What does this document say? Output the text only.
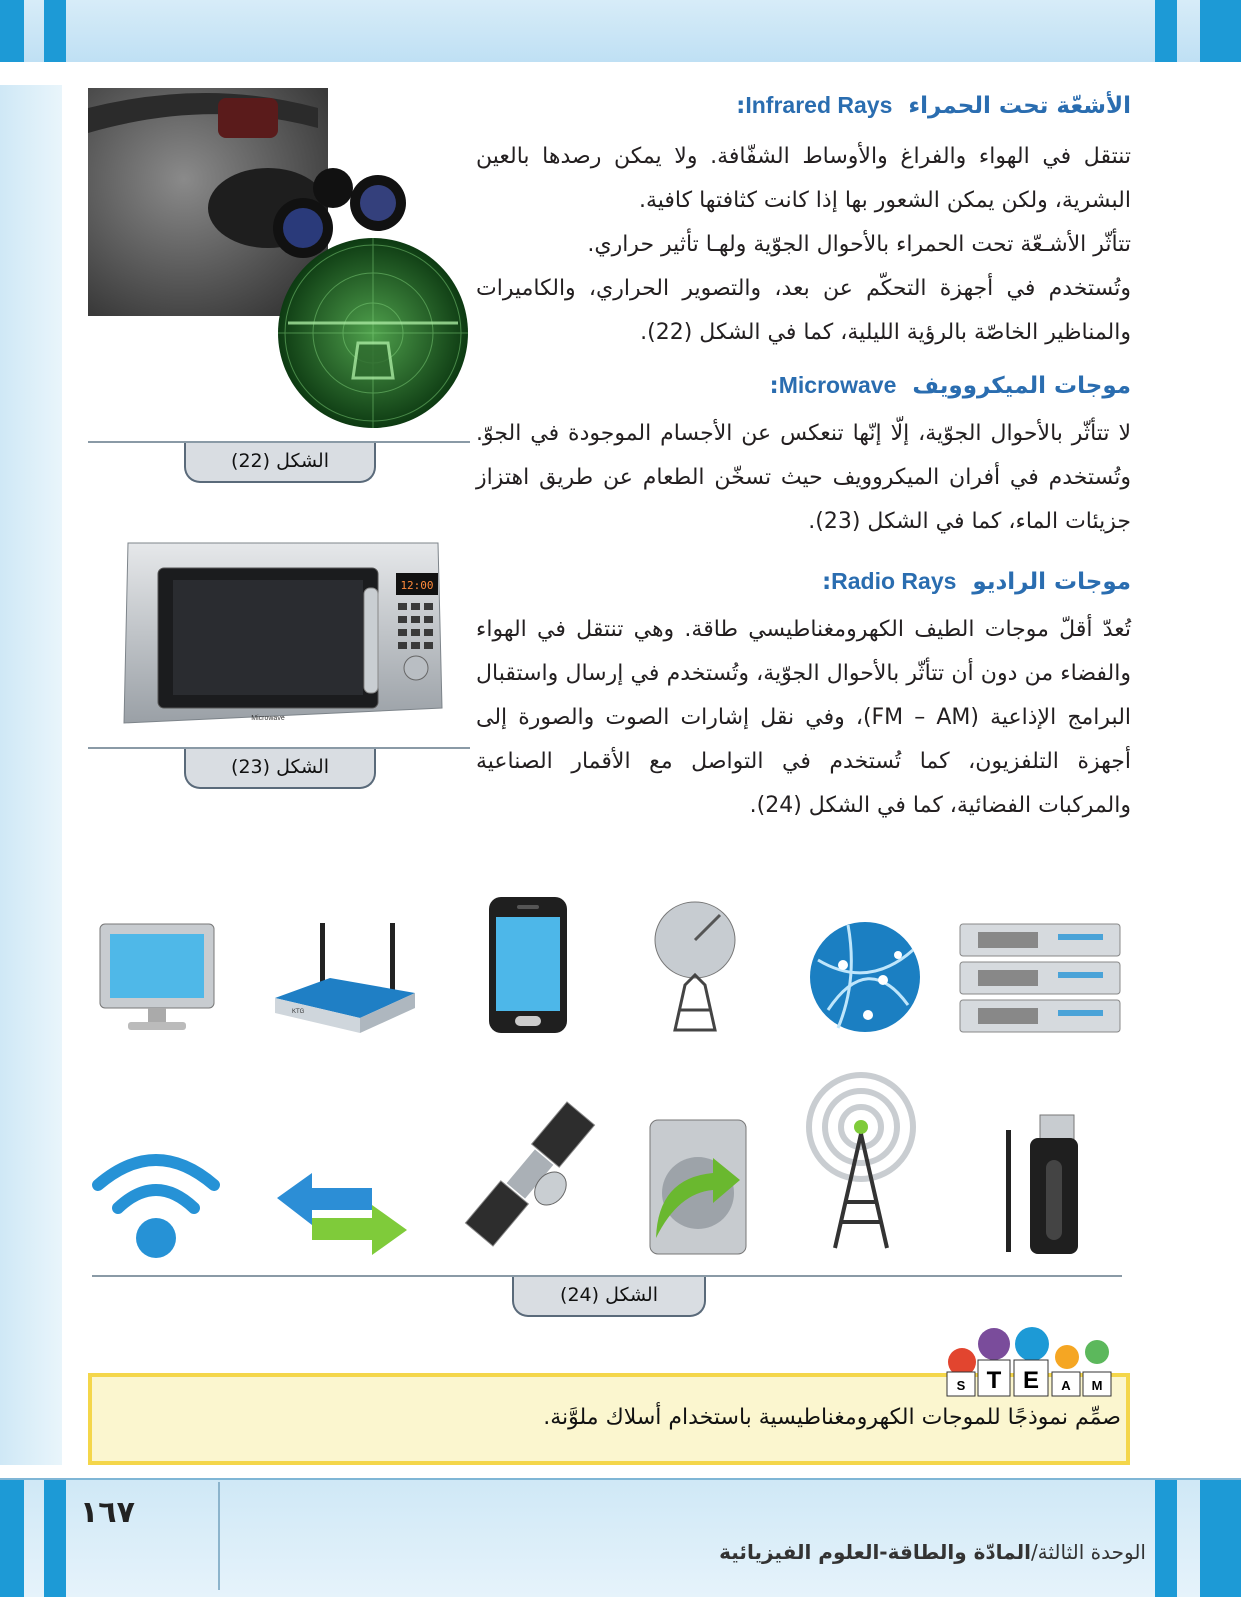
الأشعّة تحت الحمراء  Infrared Rays:
تنتقل في الهواء والفراغ والأوساط الشفّافة. ولا يمكن رصدها بالعين البشرية، ولكن يمكن الشعور بها إذا كانت كثافتها كافية.
تتأثّر الأشـعّة تحت الحمراء بالأحوال الجوّية ولهـا تأثير حراري.
وتُستخدم في أجهزة التحكّم عن بعد، والتصوير الحراري، والكاميرات والمناظير الخاصّة بالرؤية الليلية، كما في الشكل (22).
الشكل (22)
موجات الميكروويف  Microwave:
لا تتأثّر بالأحوال الجوّية، إلّا إنّها تنعكس عن الأجسام الموجودة في الجوّ. وتُستخدم في أفران الميكروويف حيث تسخّن الطعام عن طريق اهتزاز جزيئات الماء، كما في الشكل (23).
12:00
Microwave
الشكل (23)
موجات الراديو  Radio Rays:
تُعدّ أقلّ موجات الطيف الكهرومغناطيسي طاقة. وهي تنتقل في الهواء والفضاء من دون أن تتأثّر بالأحوال الجوّية، وتُستخدم في إرسال واستقبال البرامج الإذاعية (FM – AM)، وفي نقل إشارات الصوت والصورة إلى أجهزة التلفزيون، كما تُستخدم في التواصل مع الأقمار الصناعية والمركبات الفضائية، كما في الشكل (24).
KTG
الشكل (24)
S T E A M
صمِّم نموذجًا للموجات الكهرومغناطيسية باستخدام أسلاك ملوَّنة.
١٦٧
الوحدة الثالثة/المادّة والطاقة-العلوم الفيزيائية
